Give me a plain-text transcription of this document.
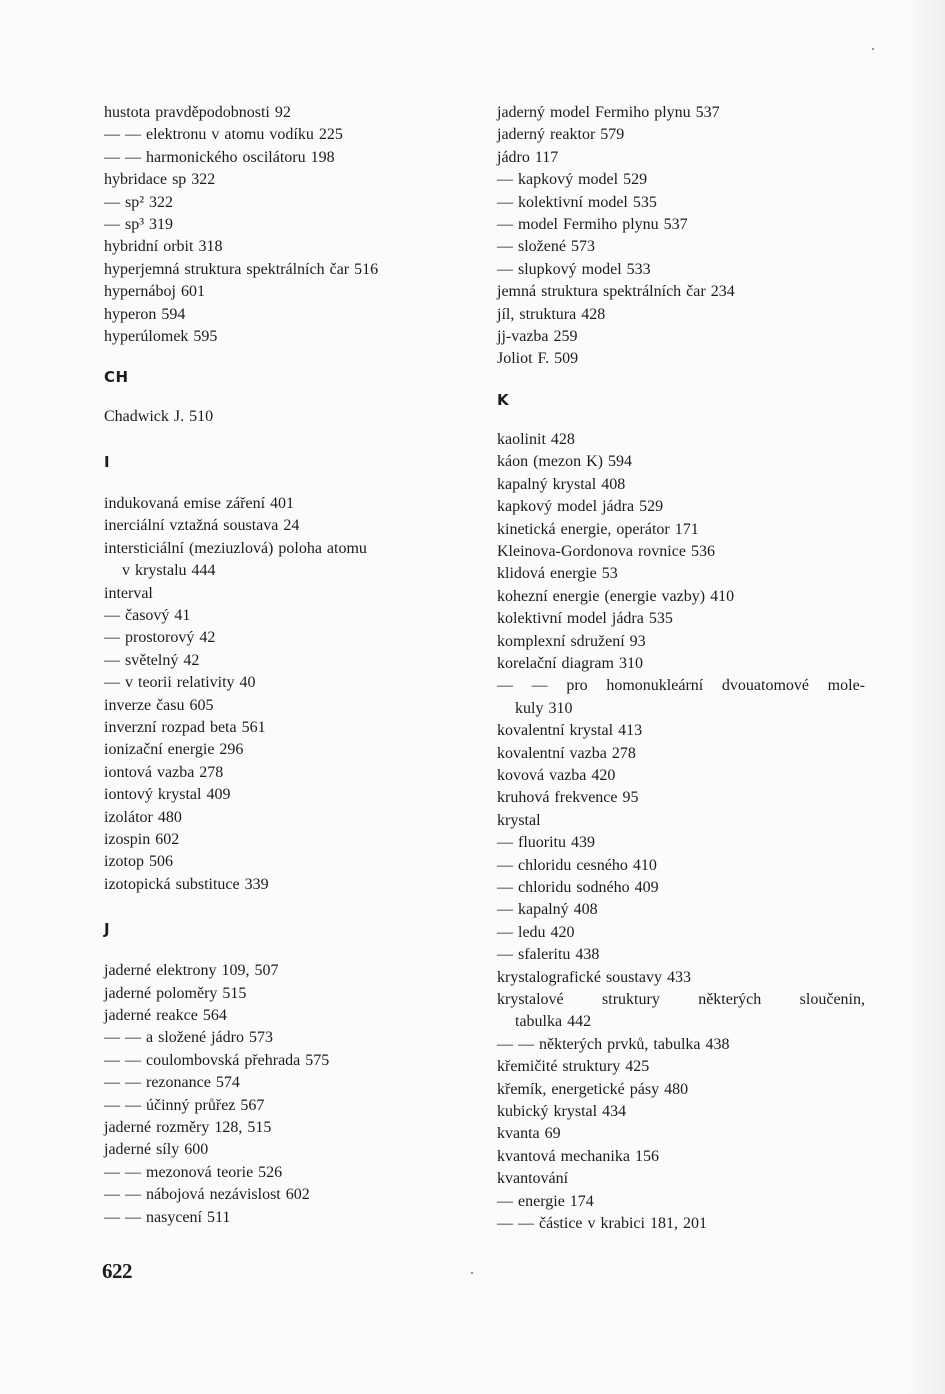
hustota pravděpodobnosti 92
— — elektronu v atomu vodíku 225
— — harmonického oscilátoru 198
hybridace sp 322
— sp² 322
— sp³ 319
hybridní orbit 318
hyperjemná struktura spektrálních čar 516
hypernáboj 601
hyperon 594
hyperúlomek 595
CH
Chadwick J. 510
I
indukovaná emise záření 401
inerciální vztažná soustava 24
intersticiální (meziuzlová) poloha atomu
v krystalu 444
interval
— časový 41
— prostorový 42
— světelný 42
— v teorii relativity 40
inverze času 605
inverzní rozpad beta 561
ionizační energie 296
iontová vazba 278
iontový krystal 409
izolátor 480
izospin 602
izotop 506
izotopická substituce 339
J
jaderné elektrony 109, 507
jaderné poloměry 515
jaderné reakce 564
— — a složené jádro 573
— — coulombovská přehrada 575
— — rezonance 574
— — účinný průřez 567
jaderné rozměry 128, 515
jaderné síly 600
— — mezonová teorie 526
— — nábojová nezávislost 602
— — nasycení 511
jaderný model Fermiho plynu 537
jaderný reaktor 579
jádro 117
— kapkový model 529
— kolektivní model 535
— model Fermiho plynu 537
— složené 573
— slupkový model 533
jemná struktura spektrálních čar 234
jíl, struktura 428
jj-vazba 259
Joliot F. 509
K
kaolinit 428
káon (mezon K) 594
kapalný krystal 408
kapkový model jádra 529
kinetická energie, operátor 171
Kleinova-Gordonova rovnice 536
klidová energie 53
kohezní energie (energie vazby) 410
kolektivní model jádra 535
komplexní sdružení 93
korelační diagram 310
— — pro homonukleární dvouatomové mole-
kuly 310
kovalentní krystal 413
kovalentní vazba 278
kovová vazba 420
kruhová frekvence 95
krystal
— fluoritu 439
— chloridu cesného 410
— chloridu sodného 409
— kapalný 408
— ledu 420
— sfaleritu 438
krystalografické soustavy 433
krystalové struktury některých sloučenin,
tabulka 442
— — některých prvků, tabulka 438
křemičité struktury 425
křemík, energetické pásy 480
kubický krystal 434
kvanta 69
kvantová mechanika 156
kvantování
— energie 174
— — částice v krabici 181, 201
622
